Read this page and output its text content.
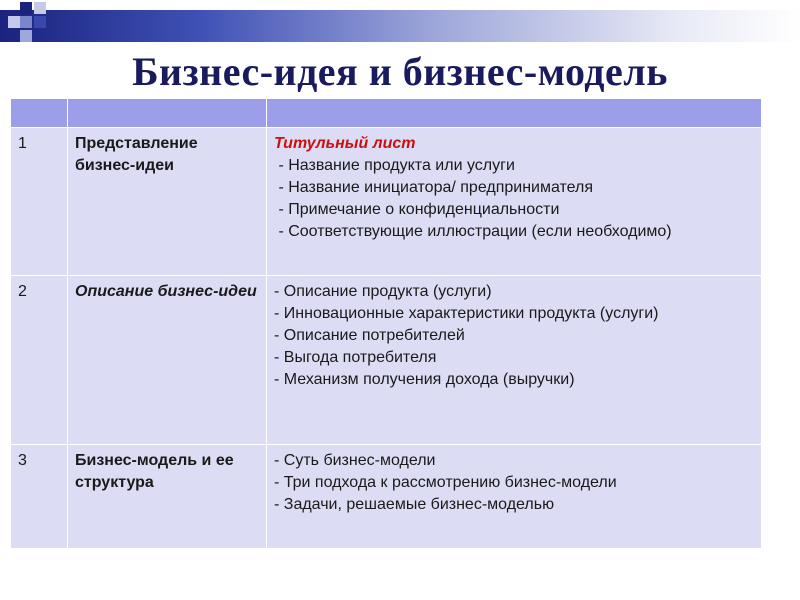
Бизнес-идея и бизнес-модель

1	Представление бизнес-идеи	Титульный лист
- Название продукта или услуги
- Название инициатора/ предпринимателя
- Примечание о конфиденциальности
- Соответствующие иллюстрации (если необходимо)

2	Описание бизнес-идеи	- Описание продукта (услуги)
- Инновационные характеристики продукта (услуги)
- Описание потребителей
- Выгода потребителя
- Механизм получения дохода (выручки)

3	Бизнес-модель и ее структура	- Суть бизнес-модели
- Три подхода к рассмотрению бизнес-модели
- Задачи, решаемые бизнес-моделью
